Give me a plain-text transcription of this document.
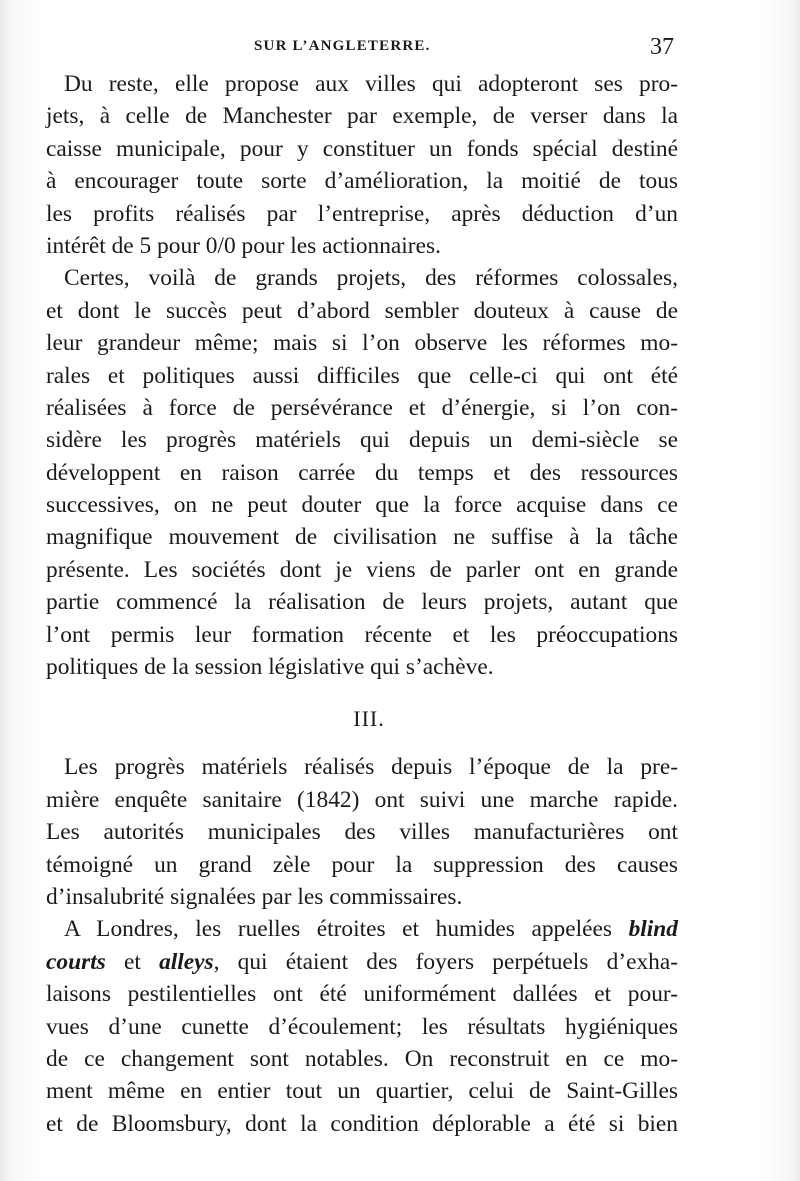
SUR L’ANGLETERRE.	37
Du reste, elle propose aux villes qui adopteront ses pro-
jets, à celle de Manchester par exemple, de verser dans la
caisse municipale, pour y constituer un fonds spécial destiné
à encourager toute sorte d’amélioration, la moitié de tous
les profits réalisés par l’entreprise, après déduction d’un
intérêt de 5 pour 0/0 pour les actionnaires.
Certes, voilà de grands projets, des réformes colossales,
et dont le succès peut d’abord sembler douteux à cause de
leur grandeur même; mais si l’on observe les réformes mo-
rales et politiques aussi difficiles que celle-ci qui ont été
réalisées à force de persévérance et d’énergie, si l’on con-
sidère les progrès matériels qui depuis un demi-siècle se
développent en raison carrée du temps et des ressources
successives, on ne peut douter que la force acquise dans ce
magnifique mouvement de civilisation ne suffise à la tâche
présente. Les sociétés dont je viens de parler ont en grande
partie commencé la réalisation de leurs projets, autant que
l’ont permis leur formation récente et les préoccupations
politiques de la session législative qui s’achève.
III.
Les progrès matériels réalisés depuis l’époque de la pre-
mière enquête sanitaire (1842) ont suivi une marche rapide.
Les autorités municipales des villes manufacturières ont
témoigné un grand zèle pour la suppression des causes
d’insalubrité signalées par les commissaires.
A Londres, les ruelles étroites et humides appelées blind
courts et alleys, qui étaient des foyers perpétuels d’exha-
laisons pestilentielles ont été uniformément dallées et pour-
vues d’une cunette d’écoulement; les résultats hygiéniques
de ce changement sont notables. On reconstruit en ce mo-
ment même en entier tout un quartier, celui de Saint-Gilles
et de Bloomsbury, dont la condition déplorable a été si bien
